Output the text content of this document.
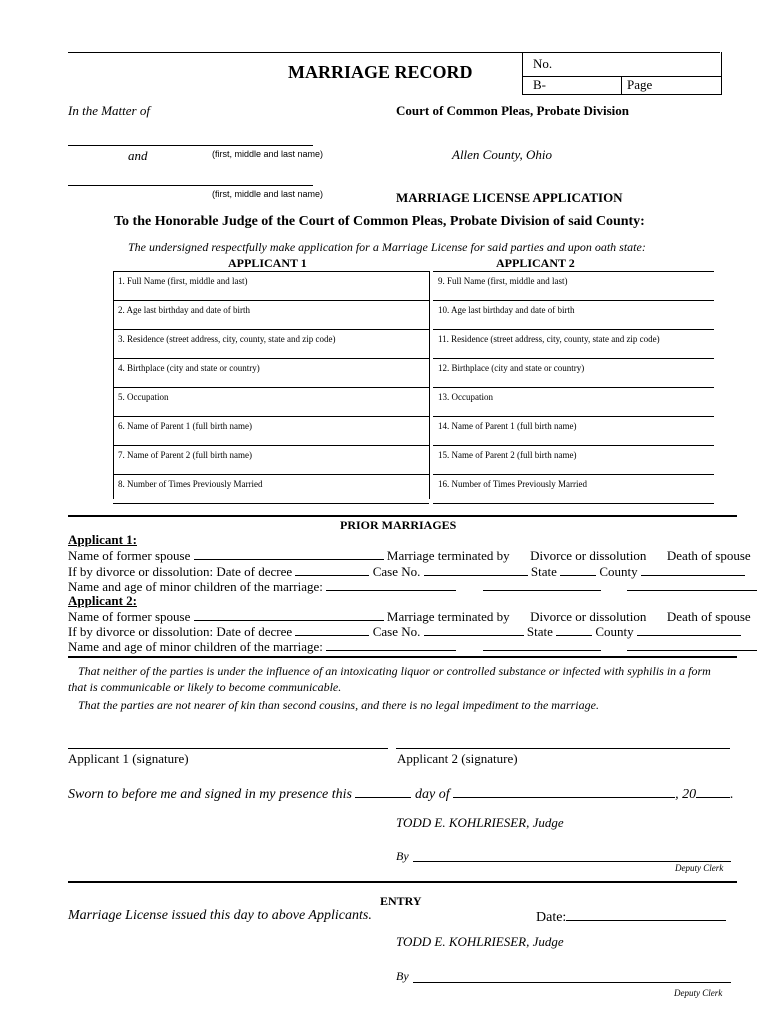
MARRIAGE RECORD	No.
B-	Page
In the Matter of	Court of Common Pleas, Probate Division
and	(first, middle and last name)	Allen County, Ohio
(first, middle and last name)	MARRIAGE LICENSE APPLICATION
To the Honorable Judge of the Court of Common Pleas, Probate Division of said County:
The undersigned respectfully make application for a Marriage License for said parties and upon oath state:
APPLICANT 1	APPLICANT 2
1. Full Name (first, middle and last)
2. Age last birthday and date of birth
3. Residence (street address, city, county, state and zip code)
4. Birthplace (city and state or country)
5. Occupation
6. Name of Parent 1 (full birth name)
7. Name of Parent 2 (full birth name)
8. Number of Times Previously Married
9. Full Name (first, middle and last)
10. Age last birthday and date of birth
11. Residence (street address, city, county, state and zip code)
12. Birthplace (city and state or country)
13. Occupation
14. Name of Parent 1 (full birth name)
15. Name of Parent 2 (full birth name)
16. Number of Times Previously Married
PRIOR MARRIAGES
Applicant 1:
Name of former spouse	Marriage terminated by Divorce or dissolution Death of spouse
If by divorce or dissolution: Date of decree	Case No.	State	County
Name and age of minor children of the marriage:
Applicant 2:
Name of former spouse	Marriage terminated by Divorce or dissolution Death of spouse
If by divorce or dissolution: Date of decree	Case No.	State	County
Name and age of minor children of the marriage:
That neither of the parties is under the influence of an intoxicating liquor or controlled substance or infected with syphilis in a form that is communicable or likely to become communicable.
That the parties are not nearer of kin than second cousins, and there is no legal impediment to the marriage.
Applicant 1 (signature)	Applicant 2 (signature)
Sworn to before me and signed in my presence this	day of	, 20 .
TODD E. KOHLRIESER, Judge
By
Deputy Clerk
ENTRY
Marriage License issued this day to above Applicants.	Date:
TODD E. KOHLRIESER, Judge
By
Deputy Clerk
